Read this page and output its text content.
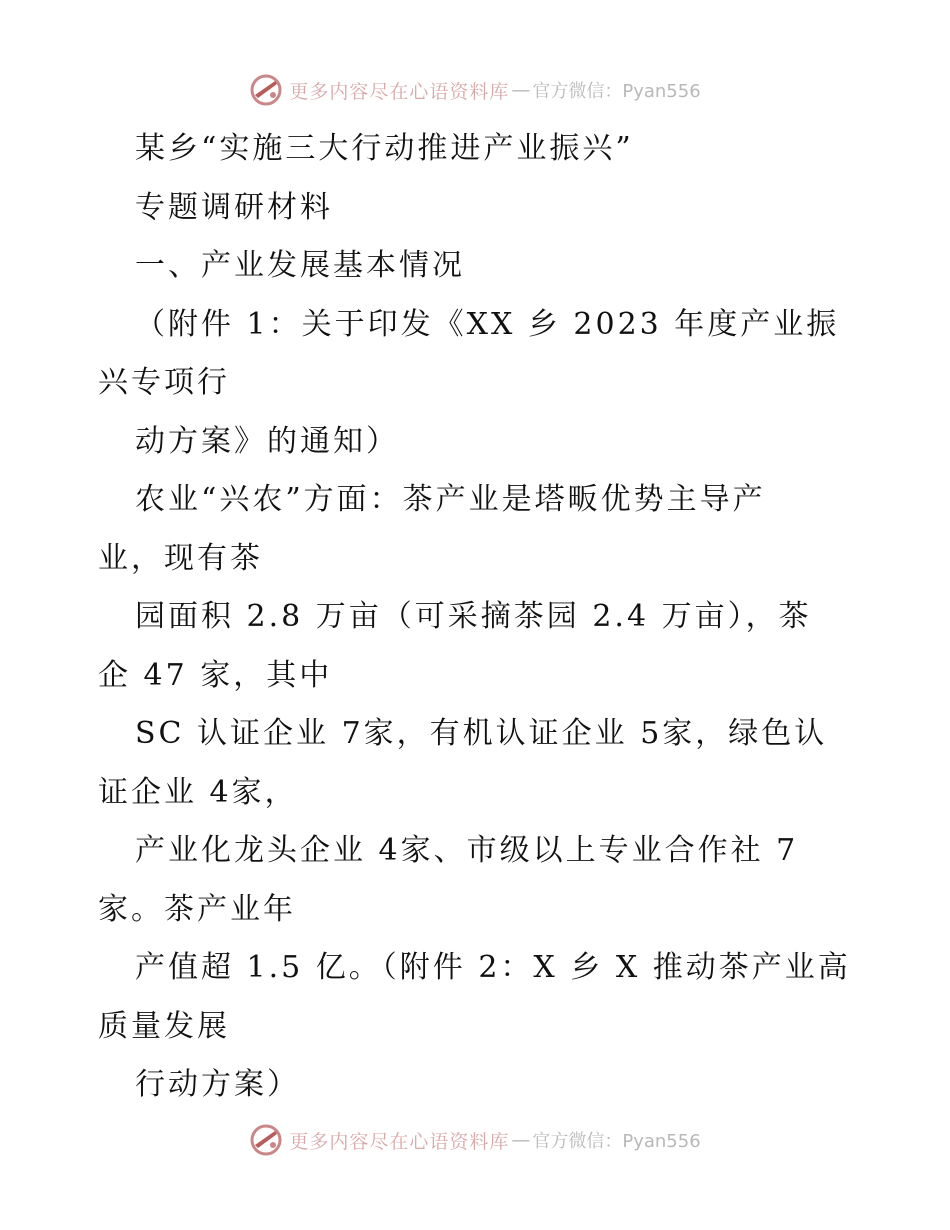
更多内容尽在心语资料库 — 官方微信：Pyan556

某乡“实施三大行动推进产业振兴”

专题调研材料

一、产业发展基本情况

（附件 1：关于印发《XX 乡 2023 年度产业振

兴专项行

动方案》的通知）

农业“兴农”方面：茶产业是塔畈优势主导产

业，现有茶

园面积 2.8 万亩（可采摘茶园 2.4 万亩），茶

企 47 家，其中

SC 认证企业 7家，有机认证企业 5家，绿色认

证企业 4家，

产业化龙头企业 4家、市级以上专业合作社 7

家。茶产业年

产值超 1.5 亿。（附件 2：X 乡 X 推动茶产业高

质量发展

行动方案）

更多内容尽在心语资料库 — 官方微信：Pyan556
